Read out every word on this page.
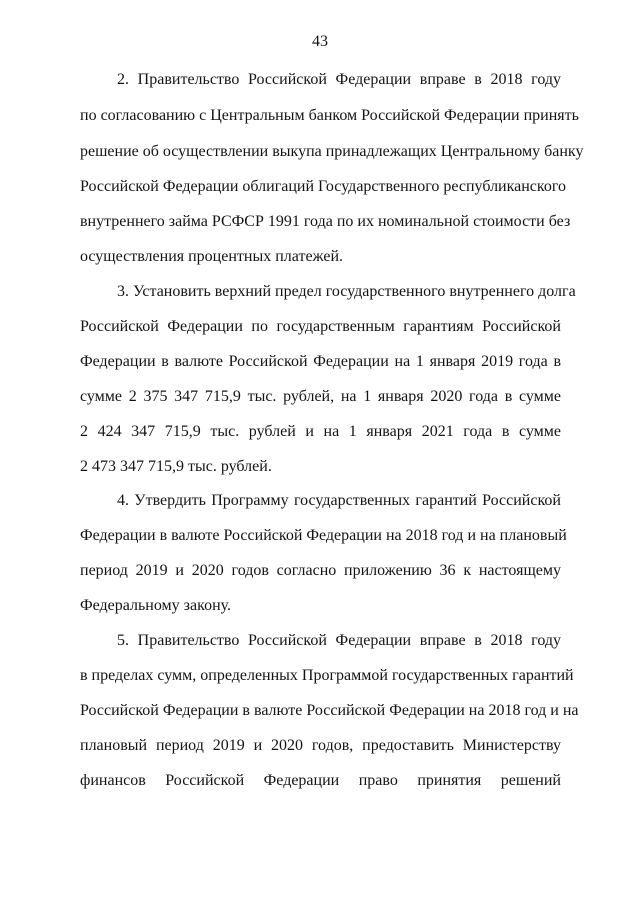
43
2. Правительство Российской Федерации вправе в 2018 году
по согласованию с Центральным банком Российской Федерации принять
решение об осуществлении выкупа принадлежащих Центральному банку
Российской Федерации облигаций Государственного республиканского
внутреннего займа РСФСР 1991 года по их номинальной стоимости без
осуществления процентных платежей.
3. Установить верхний предел государственного внутреннего долга
Российской Федерации по государственным гарантиям Российской
Федерации в валюте Российской Федерации на 1 января 2019 года в
сумме 2 375 347 715,9 тыс. рублей, на 1 января 2020 года в сумме
2 424 347 715,9 тыс. рублей и на 1 января 2021 года в сумме
2 473 347 715,9 тыс. рублей.
4. Утвердить Программу государственных гарантий Российской
Федерации в валюте Российской Федерации на 2018 год и на плановый
период 2019 и 2020 годов согласно приложению 36 к настоящему
Федеральному закону.
5. Правительство Российской Федерации вправе в 2018 году
в пределах сумм, определенных Программой государственных гарантий
Российской Федерации в валюте Российской Федерации на 2018 год и на
плановый период 2019 и 2020 годов, предоставить Министерству
финансов Российской Федерации право принятия решений
